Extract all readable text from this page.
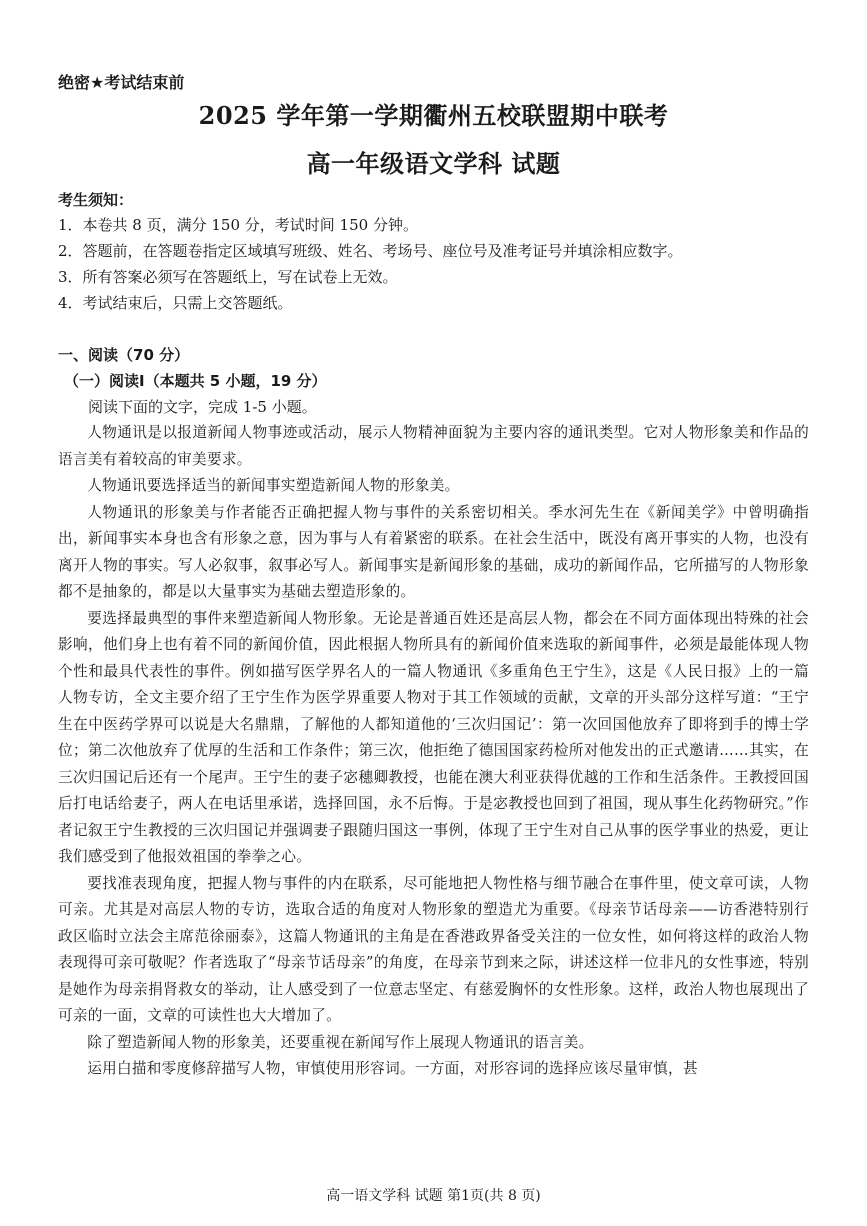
绝密★考试结束前
2025 学年第一学期衢州五校联盟期中联考
高一年级语文学科 试题
考生须知：
1．本卷共 8 页，满分 150 分，考试时间 150 分钟。
2．答题前，在答题卷指定区域填写班级、姓名、考场号、座位号及准考证号并填涂相应数字。
3．所有答案必须写在答题纸上，写在试卷上无效。
4．考试结束后，只需上交答题纸。
一、阅读（70 分）
（一）阅读Ⅰ（本题共 5 小题，19 分）

阅读下面的文字，完成 1-5 小题。

人物通讯是以报道新闻人物事迹或活动，展示人物精神面貌为主要内容的通讯类型。它对人物形象美和作品的语言美有着较高的审美要求。

人物通讯要选择适当的新闻事实塑造新闻人物的形象美。

人物通讯的形象美与作者能否正确把握人物与事件的关系密切相关。季水河先生在《新闻美学》中曾明确指出，新闻事实本身也含有形象之意，因为事与人有着紧密的联系。在社会生活中，既没有离开事实的人物，也没有离开人物的事实。写人必叙事，叙事必写人。新闻事实是新闻形象的基础，成功的新闻作品，它所描写的人物形象都不是抽象的，都是以大量事实为基础去塑造形象的。

要选择最典型的事件来塑造新闻人物形象。无论是普通百姓还是高层人物，都会在不同方面体现出特殊的社会影响，他们身上也有着不同的新闻价值，因此根据人物所具有的新闻价值来选取的新闻事件，必须是最能体现人物个性和最具代表性的事件。例如描写医学界名人的一篇人物通讯《多重角色王宁生》，这是《人民日报》上的一篇人物专访，全文主要介绍了王宁生作为医学界重要人物对于其工作领域的贡献，文章的开头部分这样写道：“王宁生在中医药学界可以说是大名鼎鼎，了解他的人都知道他的‘三次归国记’：第一次回国他放弃了即将到手的博士学位；第二次他放弃了优厚的生活和工作条件；第三次，他拒绝了德国国家药检所对他发出的正式邀请……其实，在三次归国记后还有一个尾声。王宁生的妻子宓穗卿教授，也能在澳大利亚获得优越的工作和生活条件。王教授回国后打电话给妻子，两人在电话里承诺，选择回国，永不后悔。于是宓教授也回到了祖国，现从事生化药物研究。”作者记叙王宁生教授的三次归国记并强调妻子跟随归国这一事例，体现了王宁生对自己从事的医学事业的热爱，更让我们感受到了他报效祖国的拳拳之心。

要找准表现角度，把握人物与事件的内在联系，尽可能地把人物性格与细节融合在事件里，使文章可读，人物可亲。尤其是对高层人物的专访，选取合适的角度对人物形象的塑造尤为重要。《母亲节话母亲——访香港特别行政区临时立法会主席范徐丽泰》，这篇人物通讯的主角是在香港政界备受关注的一位女性，如何将这样的政治人物表现得可亲可敬呢？作者选取了“母亲节话母亲”的角度，在母亲节到来之际，讲述这样一位非凡的女性事迹，特别是她作为母亲捐肾救女的举动，让人感受到了一位意志坚定、有慈爱胸怀的女性形象。这样，政治人物也展现出了可亲的一面，文章的可读性也大大增加了。

除了塑造新闻人物的形象美，还要重视在新闻写作上展现人物通讯的语言美。

运用白描和零度修辞描写人物，审慎使用形容词。一方面，对形容词的选择应该尽量审慎，甚

高一语文学科 试题 第1页(共 8 页)
